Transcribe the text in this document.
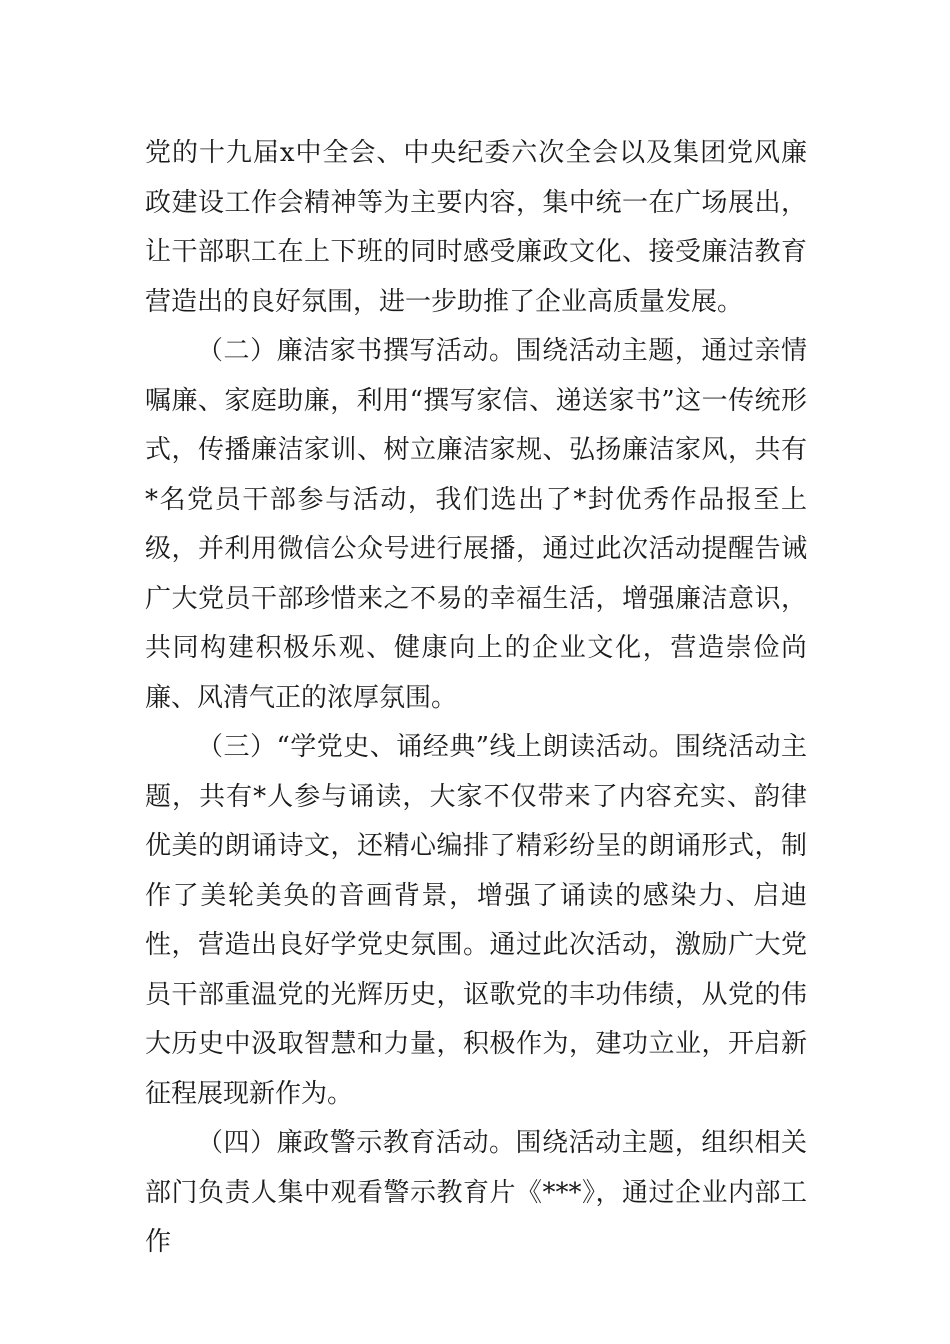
党的十九届x中全会、中央纪委六次全会以及集团党风廉政建设工作会精神等为主要内容，集中统一在广场展出，让干部职工在上下班的同时感受廉政文化、接受廉洁教育营造出的良好氛围，进一步助推了企业高质量发展。

（二）廉洁家书撰写活动。围绕活动主题，通过亲情嘱廉、家庭助廉，利用“撰写家信、递送家书”这一传统形式，传播廉洁家训、树立廉洁家规、弘扬廉洁家风，共有*名党员干部参与活动，我们选出了*封优秀作品报至上级，并利用微信公众号进行展播，通过此次活动提醒告诫广大党员干部珍惜来之不易的幸福生活，增强廉洁意识，共同构建积极乐观、健康向上的企业文化，营造崇俭尚廉、风清气正的浓厚氛围。

（三）“学党史、诵经典”线上朗读活动。围绕活动主题，共有*人参与诵读，大家不仅带来了内容充实、韵律优美的朗诵诗文，还精心编排了精彩纷呈的朗诵形式，制作了美轮美奂的音画背景，增强了诵读的感染力、启迪性，营造出良好学党史氛围。通过此次活动，激励广大党员干部重温党的光辉历史，讴歌党的丰功伟绩，从党的伟大历史中汲取智慧和力量，积极作为，建功立业，开启新征程展现新作为。

（四）廉政警示教育活动。围绕活动主题，组织相关部门负责人集中观看警示教育片《***》，通过企业内部工作
